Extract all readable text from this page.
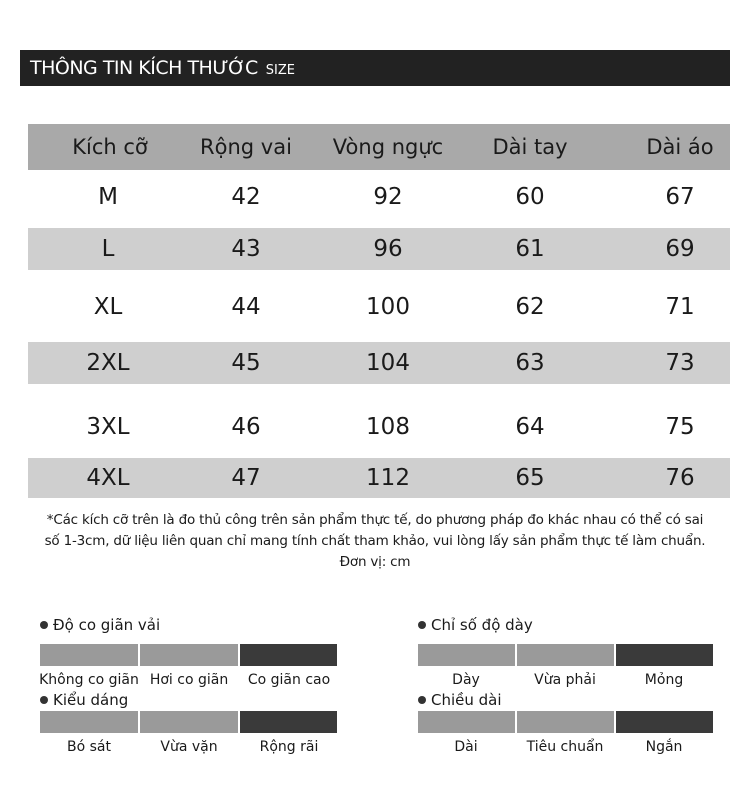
THÔNG TIN KÍCH THƯỚC SIZE
Kích cỡ	Rộng vai	Vòng ngực	Dài tay	Dài áo
M	42	92	60	67
L	43	96	61	69
XL	44	100	62	71
2XL	45	104	63	73
3XL	46	108	64	75
4XL	47	112	65	76
*Các kích cỡ trên là đo thủ công trên sản phẩm thực tế, do phương pháp đo khác nhau có thể có sai
số 1-3cm, dữ liệu liên quan chỉ mang tính chất tham khảo, vui lòng lấy sản phẩm thực tế làm chuẩn.
Đơn vị: cm
Độ co giãn vải
Không co giãn Hơi co giãn	Co giãn cao
Kiểu dáng
Bó sát	Vừa vặn	Rộng rãi
Chỉ số độ dày
Dày	Vừa phải	Mỏng
Chiều dài
Dài	Tiêu chuẩn	Ngắn
